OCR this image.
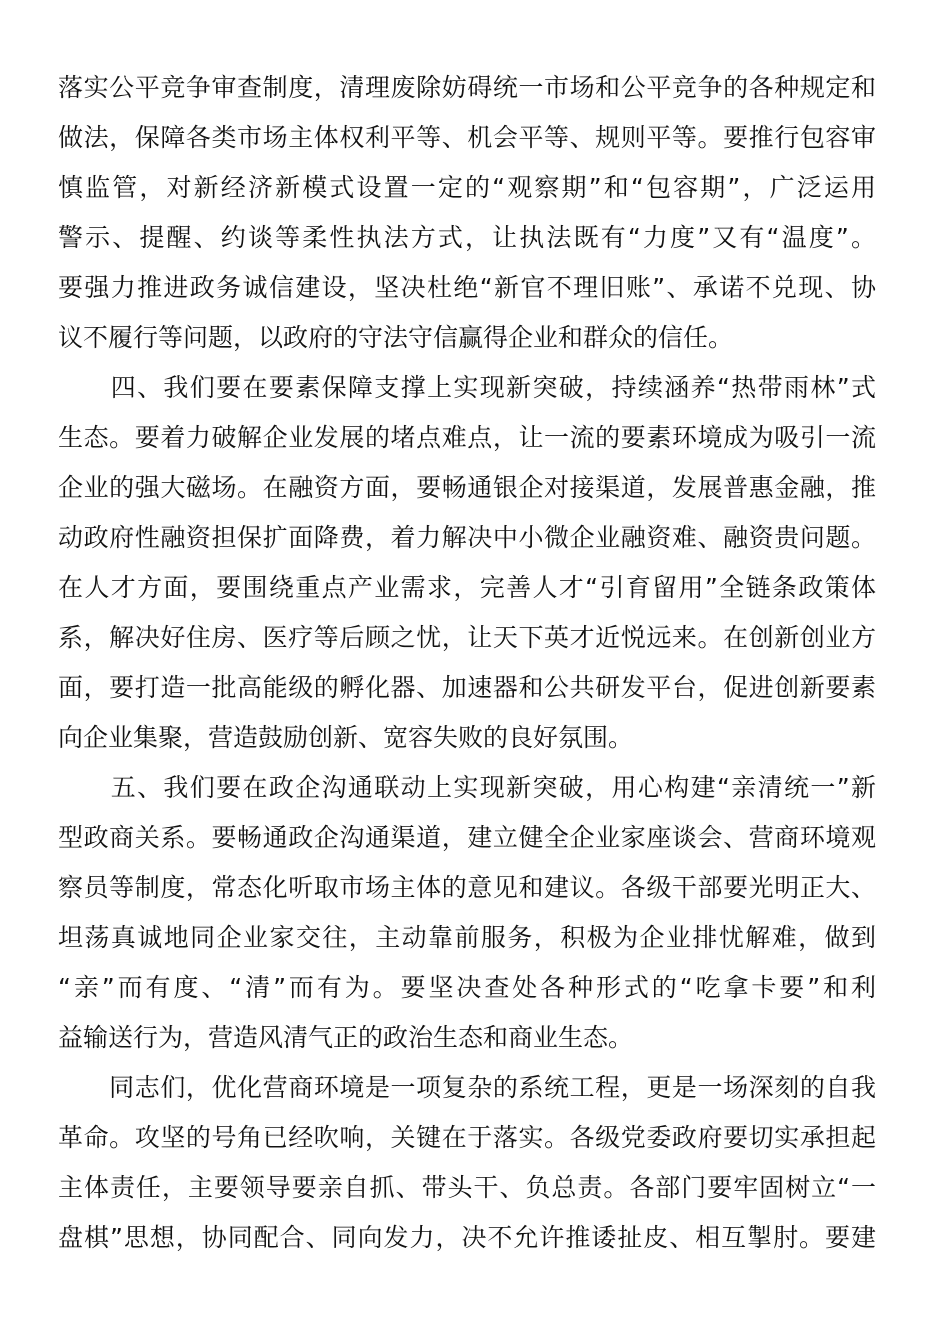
落实公平竞争审查制度，清理废除妨碍统一市场和公平竞争的各种规定和
做法，保障各类市场主体权利平等、机会平等、规则平等。要推行包容审
慎监管，对新经济新模式设置一定的“观察期”和“包容期”，广泛运用
警示、提醒、约谈等柔性执法方式，让执法既有“力度”又有“温度”。
要强力推进政务诚信建设，坚决杜绝“新官不理旧账”、承诺不兑现、协
议不履行等问题，以政府的守法守信赢得企业和群众的信任。
　　四、我们要在要素保障支撑上实现新突破，持续涵养“热带雨林”式
生态。要着力破解企业发展的堵点难点，让一流的要素环境成为吸引一流
企业的强大磁场。在融资方面，要畅通银企对接渠道，发展普惠金融，推
动政府性融资担保扩面降费，着力解决中小微企业融资难、融资贵问题。
在人才方面，要围绕重点产业需求，完善人才“引育留用”全链条政策体
系，解决好住房、医疗等后顾之忧，让天下英才近悦远来。在创新创业方
面，要打造一批高能级的孵化器、加速器和公共研发平台，促进创新要素
向企业集聚，营造鼓励创新、宽容失败的良好氛围。
　　五、我们要在政企沟通联动上实现新突破，用心构建“亲清统一”新
型政商关系。要畅通政企沟通渠道，建立健全企业家座谈会、营商环境观
察员等制度，常态化听取市场主体的意见和建议。各级干部要光明正大、
坦荡真诚地同企业家交往，主动靠前服务，积极为企业排忧解难，做到
“亲”而有度、“清”而有为。要坚决查处各种形式的“吃拿卡要”和利
益输送行为，营造风清气正的政治生态和商业生态。
　　同志们，优化营商环境是一项复杂的系统工程，更是一场深刻的自我
革命。攻坚的号角已经吹响，关键在于落实。各级党委政府要切实承担起
主体责任，主要领导要亲自抓、带头干、负总责。各部门要牢固树立“一
盘棋”思想，协同配合、同向发力，决不允许推诿扯皮、相互掣肘。要建
